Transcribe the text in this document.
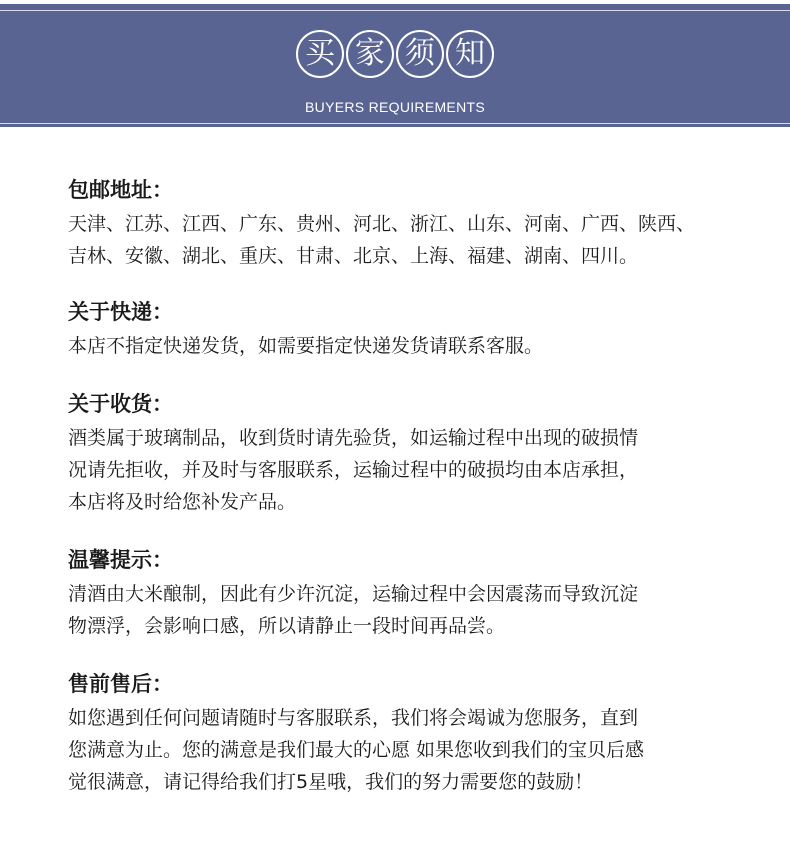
买 家 须 知
BUYERS REQUIREMENTS

包邮地址：

天津、江苏、江西、广东、贵州、河北、浙江、山东、河南、广西、陕西、

吉林、安徽、湖北、重庆、甘肃、北京、上海、福建、湖南、四川。

关于快递：

本店不指定快递发货，如需要指定快递发货请联系客服。

关于收货：

酒类属于玻璃制品，收到货时请先验货，如运输过程中出现的破损情

况请先拒收，并及时与客服联系，运输过程中的破损均由本店承担，

本店将及时给您补发产品。

温馨提示：

清酒由大米酿制，因此有少许沉淀，运输过程中会因震荡而导致沉淀

物漂浮，会影响口感，所以请静止一段时间再品尝。

售前售后：

如您遇到任何问题请随时与客服联系，我们将会竭诚为您服务，直到

您满意为止。您的满意是我们最大的心愿 如果您收到我们的宝贝后感

觉很满意，请记得给我们打5星哦，我们的努力需要您的鼓励！
